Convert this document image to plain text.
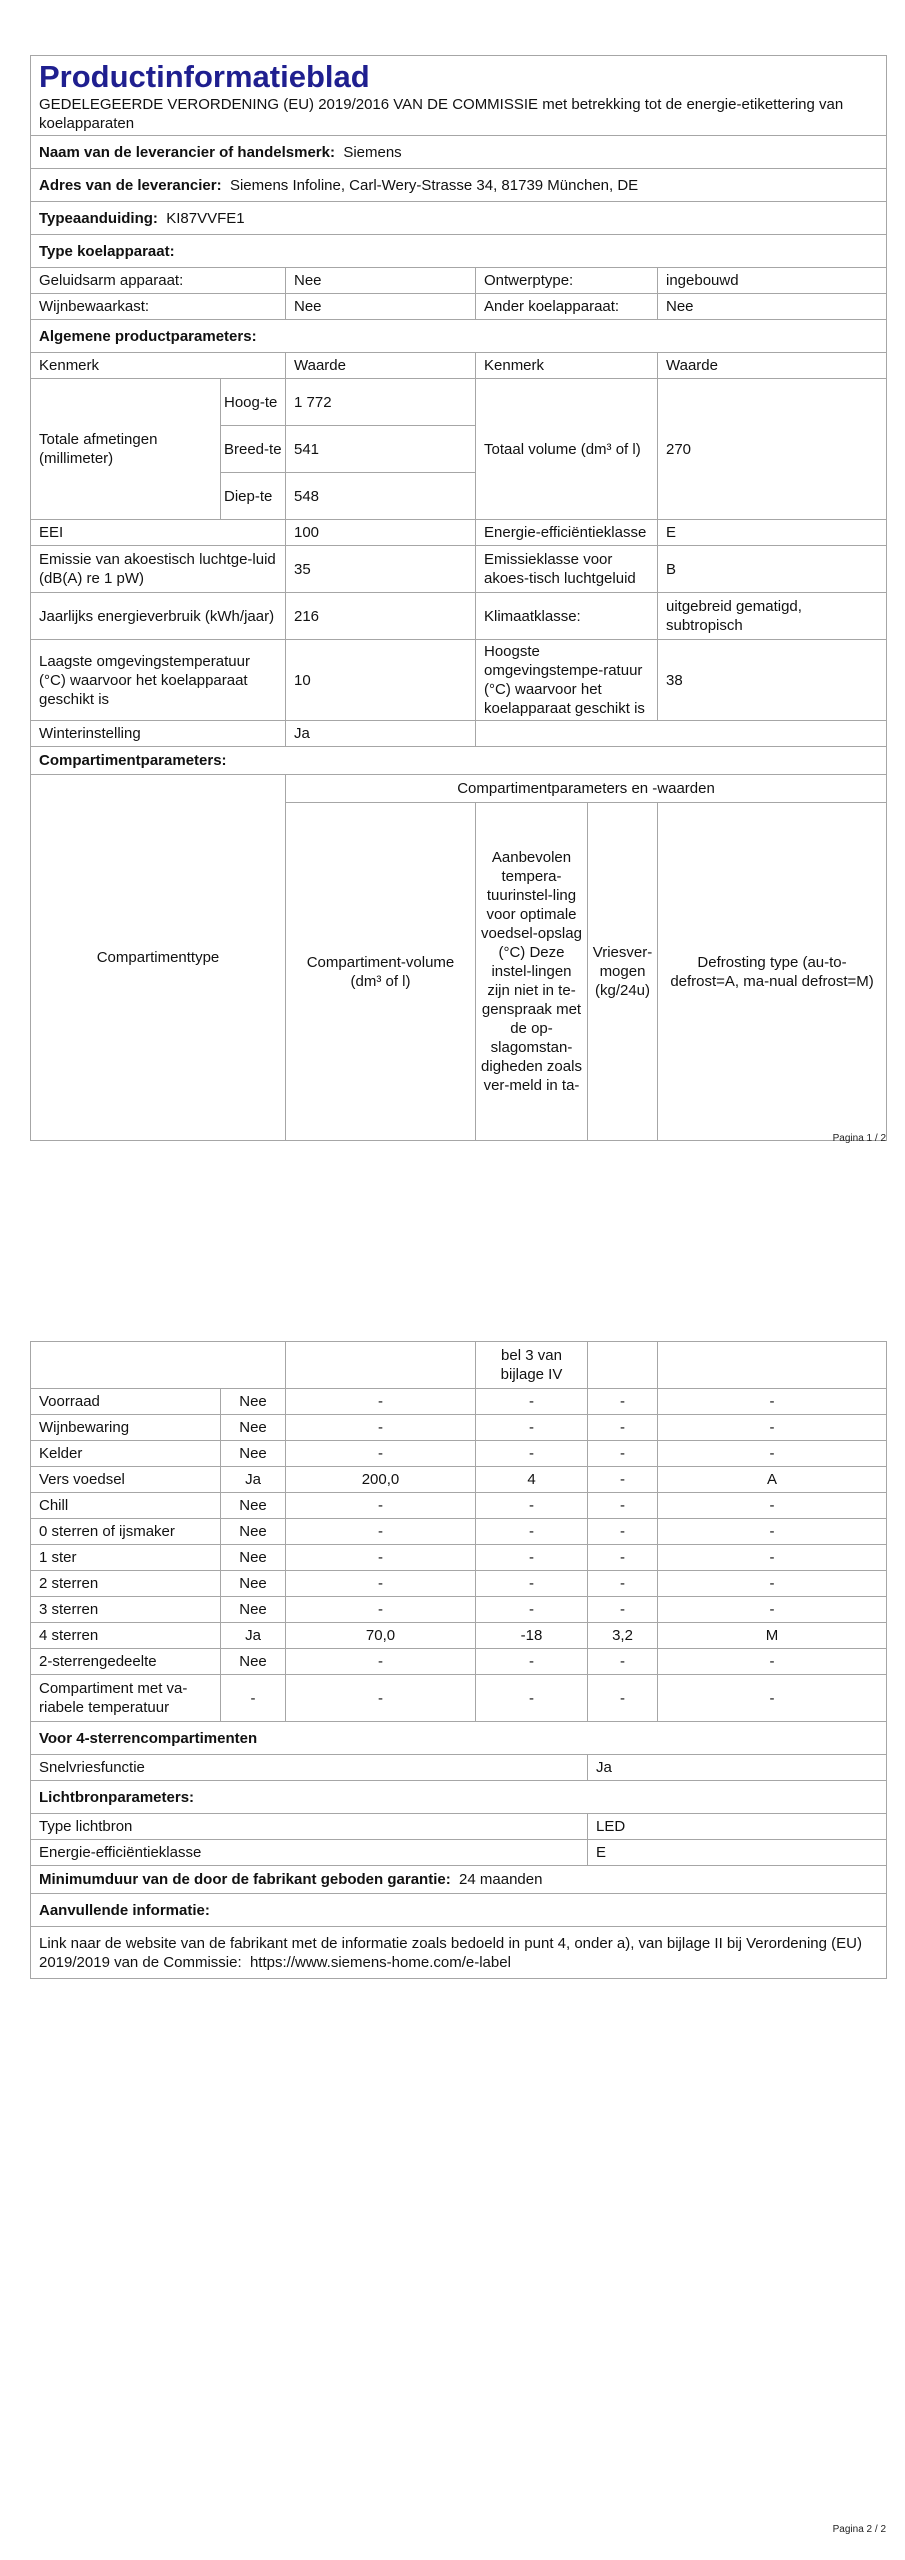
Productinformatieblad
GEDELEGEERDE VERORDENING (EU) 2019/2016 VAN DE COMMISSIE met betrekking tot de energie-etikettering van koelapparaten					

Naam van de leverancier of handelsmerk: Siemens					
Adres van de leverancier: Siemens Infoline, Carl-Wery-Strasse 34, 81739 München, DE					
Typeaanduiding: KI87VVFE1					
Type koelapparaat:					
Geluidsarm apparaat:		Nee	Ontwerptype:		ingebouwd
Wijnbewaarkast:		Nee	Ander koelapparaat:		Nee
Algemene productparameters:					
Kenmerk		Waarde	Kenmerk		Waarde
Totale afmetingen (millimeter)	Hoog-te	1 772	Totaal volume (dm³ of l)		270
	Breed-te	541			
	Diep-te	548			
EEI		100	Energie-efficiëntieklasse		E
Emissie van akoestisch luchtge-luid (dB(A) re 1 pW)		35	Emissieklasse voor akoes-tisch luchtgeluid		B
Jaarlijks energieverbruik (kWh/jaar)		216	Klimaatklasse:		uitgebreid gematigd, subtropisch
Laagste omgevingstemperatuur (°C) waarvoor het koelapparaat geschikt is		10	Hoogste omgevingstempe-ratuur (°C) waarvoor het koelapparaat geschikt is		38
Winterinstelling		Ja			
Compartimentparameters:					
Compartimenttype		Compartimentparameters en -waarden			
		Compartiment-volume (dm³ of l)	Aanbevolen tempera-tuurinstel-ling voor optimale voedsel-opslag (°C) Deze instel-lingen zijn niet in te-genspraak met de op-slagomstan-digheden zoals ver-meld in ta-	Vriesver-mogen (kg/24u)	Defrosting type (au-to-defrost=A, ma-nual defrost=M)
Pagina 1 / 2
			bel 3 van bijlage IV		
Voorraad	Nee	-	-	-	-
Wijnbewaring	Nee	-	-	-	-
Kelder	Nee	-	-	-	-
Vers voedsel	Ja	200,0	4	-	A
Chill	Nee	-	-	-	-
0 sterren of ijsmaker	Nee	-	-	-	-
1 ster	Nee	-	-	-	-
2 sterren	Nee	-	-	-	-
3 sterren	Nee	-	-	-	-
4 sterren	Ja	70,0	-18	3,2	M
2-sterrengedeelte	Nee	-	-	-	-
Compartiment met va-riabele temperatuur	-	-	-	-	-
Voor 4-sterrencompartimenten					
Snelvriesfunctie				Ja	
Lichtbronparameters:					
Type lichtbron				LED	
Energie-efficiëntieklasse				E	
Minimumduur van de door de fabrikant geboden garantie: 24 maanden					
Aanvullende informatie:					
Link naar de website van de fabrikant met de informatie zoals bedoeld in punt 4, onder a), van bijlage II bij Verordening (EU) 2019/2019 van de Commissie: https://www.siemens-home.com/e-label					
Pagina 2 / 2
